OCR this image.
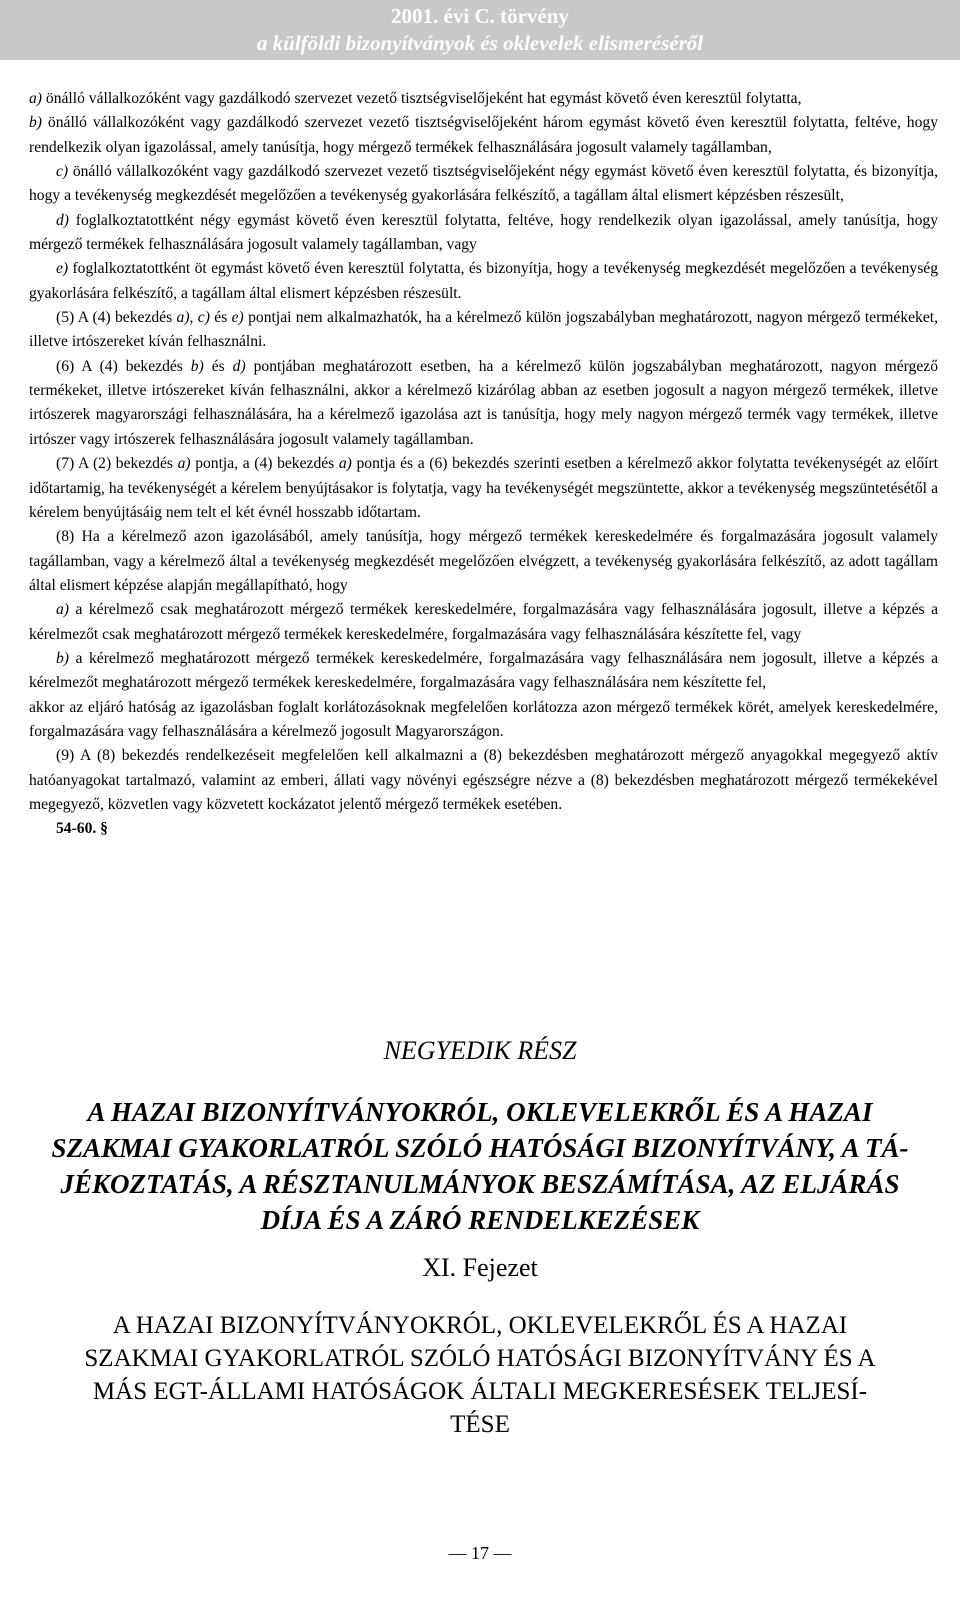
2001. évi C. törvény
a külföldi bizonyítványok és oklevelek elismeréséről

a) önálló vállalkozóként vagy gazdálkodó szervezet vezető tisztségviselőjeként hat egymást követő éven keresztül folytatta,

b) önálló vállalkozóként vagy gazdálkodó szervezet vezető tisztségviselőjeként három egymást követő éven keresztül folytatta, feltéve, hogy rendelkezik olyan igazolással, amely tanúsítja, hogy mérgező termékek felhasználására jogosult valamely tagállamban,

c) önálló vállalkozóként vagy gazdálkodó szervezet vezető tisztségviselőjeként négy egymást követő éven keresztül folytatta, és bizonyítja, hogy a tevékenység megkezdését megelőzően a tevékenység gyakorlására felkészítő, a tagállam által elismert képzésben részesült,

d) foglalkoztatottként négy egymást követő éven keresztül folytatta, feltéve, hogy rendelkezik olyan igazolással, amely tanúsítja, hogy mérgező termékek felhasználására jogosult valamely tagállamban, vagy

e) foglalkoztatottként öt egymást követő éven keresztül folytatta, és bizonyítja, hogy a tevékenység megkezdését megelőzően a tevékenység gyakorlására felkészítő, a tagállam által elismert képzésben részesült.

(5) A (4) bekezdés a), c) és e) pontjai nem alkalmazhatók, ha a kérelmező külön jogszabályban meghatározott, nagyon mérgező termékeket, illetve irtószereket kíván felhasználni.

(6) A (4) bekezdés b) és d) pontjában meghatározott esetben, ha a kérelmező külön jogszabályban meghatározott, nagyon mérgező termékeket, illetve irtószereket kíván felhasználni, akkor a kérelmező kizárólag abban az esetben jogosult a nagyon mérgező termékek, illetve irtószerek magyarországi felhasználására, ha a kérelmező igazolása azt is tanúsítja, hogy mely nagyon mérgező termék vagy termékek, illetve irtószer vagy irtószerek felhasználására jogosult valamely tagállamban.

(7) A (2) bekezdés a) pontja, a (4) bekezdés a) pontja és a (6) bekezdés szerinti esetben a kérelmező akkor folytatta tevékenységét az előírt időtartamig, ha tevékenységét a kérelem benyújtásakor is folytatja, vagy ha tevékenységét megszüntette, akkor a tevékenység megszüntetésétől a kérelem benyújtásáig nem telt el két évnél hosszabb időtartam.

(8) Ha a kérelmező azon igazolásából, amely tanúsítja, hogy mérgező termékek kereskedelmére és forgalmazására jogosult valamely tagállamban, vagy a kérelmező által a tevékenység megkezdését megelőzően elvégzett, a tevékenység gyakorlására felkészítő, az adott tagállam által elismert képzése alapján megállapítható, hogy

a) a kérelmező csak meghatározott mérgező termékek kereskedelmére, forgalmazására vagy felhasználására jogosult, illetve a képzés a kérelmezőt csak meghatározott mérgező termékek kereskedelmére, forgalmazására vagy felhasználására készítette fel, vagy

b) a kérelmező meghatározott mérgező termékek kereskedelmére, forgalmazására vagy felhasználására nem jogosult, illetve a képzés a kérelmezőt meghatározott mérgező termékek kereskedelmére, forgalmazására vagy felhasználására nem készítette fel,

akkor az eljáró hatóság az igazolásban foglalt korlátozásoknak megfelelően korlátozza azon mérgező termékek körét, amelyek kereskedelmére, forgalmazására vagy felhasználására a kérelmező jogosult Magyarországon.

(9) A (8) bekezdés rendelkezéseit megfelelően kell alkalmazni a (8) bekezdésben meghatározott mérgező anyagokkal megegyező aktív hatóanyagokat tartalmazó, valamint az emberi, állati vagy növényi egészségre nézve a (8) bekezdésben meghatározott mérgező termékekével megegyező, közvetlen vagy közvetett kockázatot jelentő mérgező termékek esetében.

54-60. §

NEGYEDIK RÉSZ
A HAZAI BIZONYÍTVÁNYOKRÓL, OKLEVELEKRŐL ÉS A HAZAI
SZAKMAI GYAKORLATRÓL SZÓLÓ HATÓSÁGI BIZONYÍTVÁNY, A TÁ-
JÉKOZTATÁS, A RÉSZTANULMÁNYOK BESZÁMÍTÁSA, AZ ELJÁRÁS
DÍJA ÉS A ZÁRÓ RENDELKEZÉSEK
XI. Fejezet
A HAZAI BIZONYÍTVÁNYOKRÓL, OKLEVELEKRŐL ÉS A HAZAI
SZAKMAI GYAKORLATRÓL SZÓLÓ HATÓSÁGI BIZONYÍTVÁNY ÉS A
MÁS EGT-ÁLLAMI HATÓSÁGOK ÁLTALI MEGKERESÉSEK TELJESÍ-
TÉSE
— 17 —
